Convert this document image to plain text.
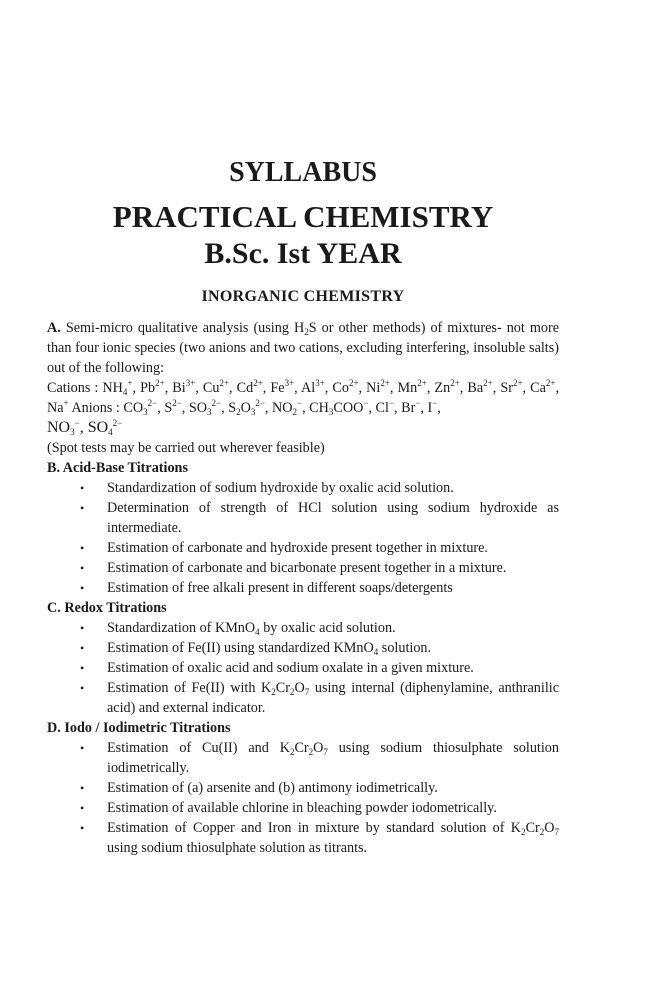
SYLLABUS
PRACTICAL CHEMISTRY
B.Sc. Ist YEAR
INORGANIC CHEMISTRY

A. Semi-micro qualitative analysis (using $H_2S$ or other methods) of mixtures- not more than four ionic species (two anions and two cations, excluding interfering, insoluble salts) out of the following:

Cations : $NH_4^+$, $Pb^{2+}$, $Bi^{3+}$, $Cu^{2+}$, $Cd^{2+}$, $Fe^{3+}$, $Al^{3+}$, $Co^{2+}$, $Ni^{2+}$, $Mn^{2+}$, $Zn^{2+}$, $Ba^{2+}$, $Sr^{2+}$, $Ca^{2+}$, Na+ Anions : $CO_3^{2-}$, $S^{2-}$, $SO_3^{2-}$, $S_2O_3^{2-}$, $NO_2^-$, $CH_3COO^-$, Cl−, Br−, I−,
$NO_3^-$, $SO_4^{2-}$

(Spot tests may be carried out wherever feasible)

B. Acid-Base Titrations

• Standardization of sodium hydroxide by oxalic acid solution.
• Determination of strength of HCl solution using sodium hydroxide as intermediate.
• Estimation of carbonate and hydroxide present together in mixture.
• Estimation of carbonate and bicarbonate present together in a mixture.
• Estimation of free alkali present in different soaps/detergents

C. Redox Titrations

• Standardization of KMnO$_4$ by oxalic acid solution.
• Estimation of Fe(II) using standardized KMnO$_4$ solution.
• Estimation of oxalic acid and sodium oxalate in a given mixture.
• Estimation of Fe(II) with $K_2Cr_2O_7$ using internal (diphenylamine, anthranilic acid) and external indicator.

D. Iodo / Iodimetric Titrations

• Estimation of Cu(II) and $K_2Cr_2O_7$ using sodium thiosulphate solution iodimetrically.
• Estimation of (a) arsenite and (b) antimony iodimetrically.
• Estimation of available chlorine in bleaching powder iodometrically.
• Estimation of Copper and Iron in mixture by standard solution of $K_2Cr_2O_7$ using sodium thiosulphate solution as titrants.
